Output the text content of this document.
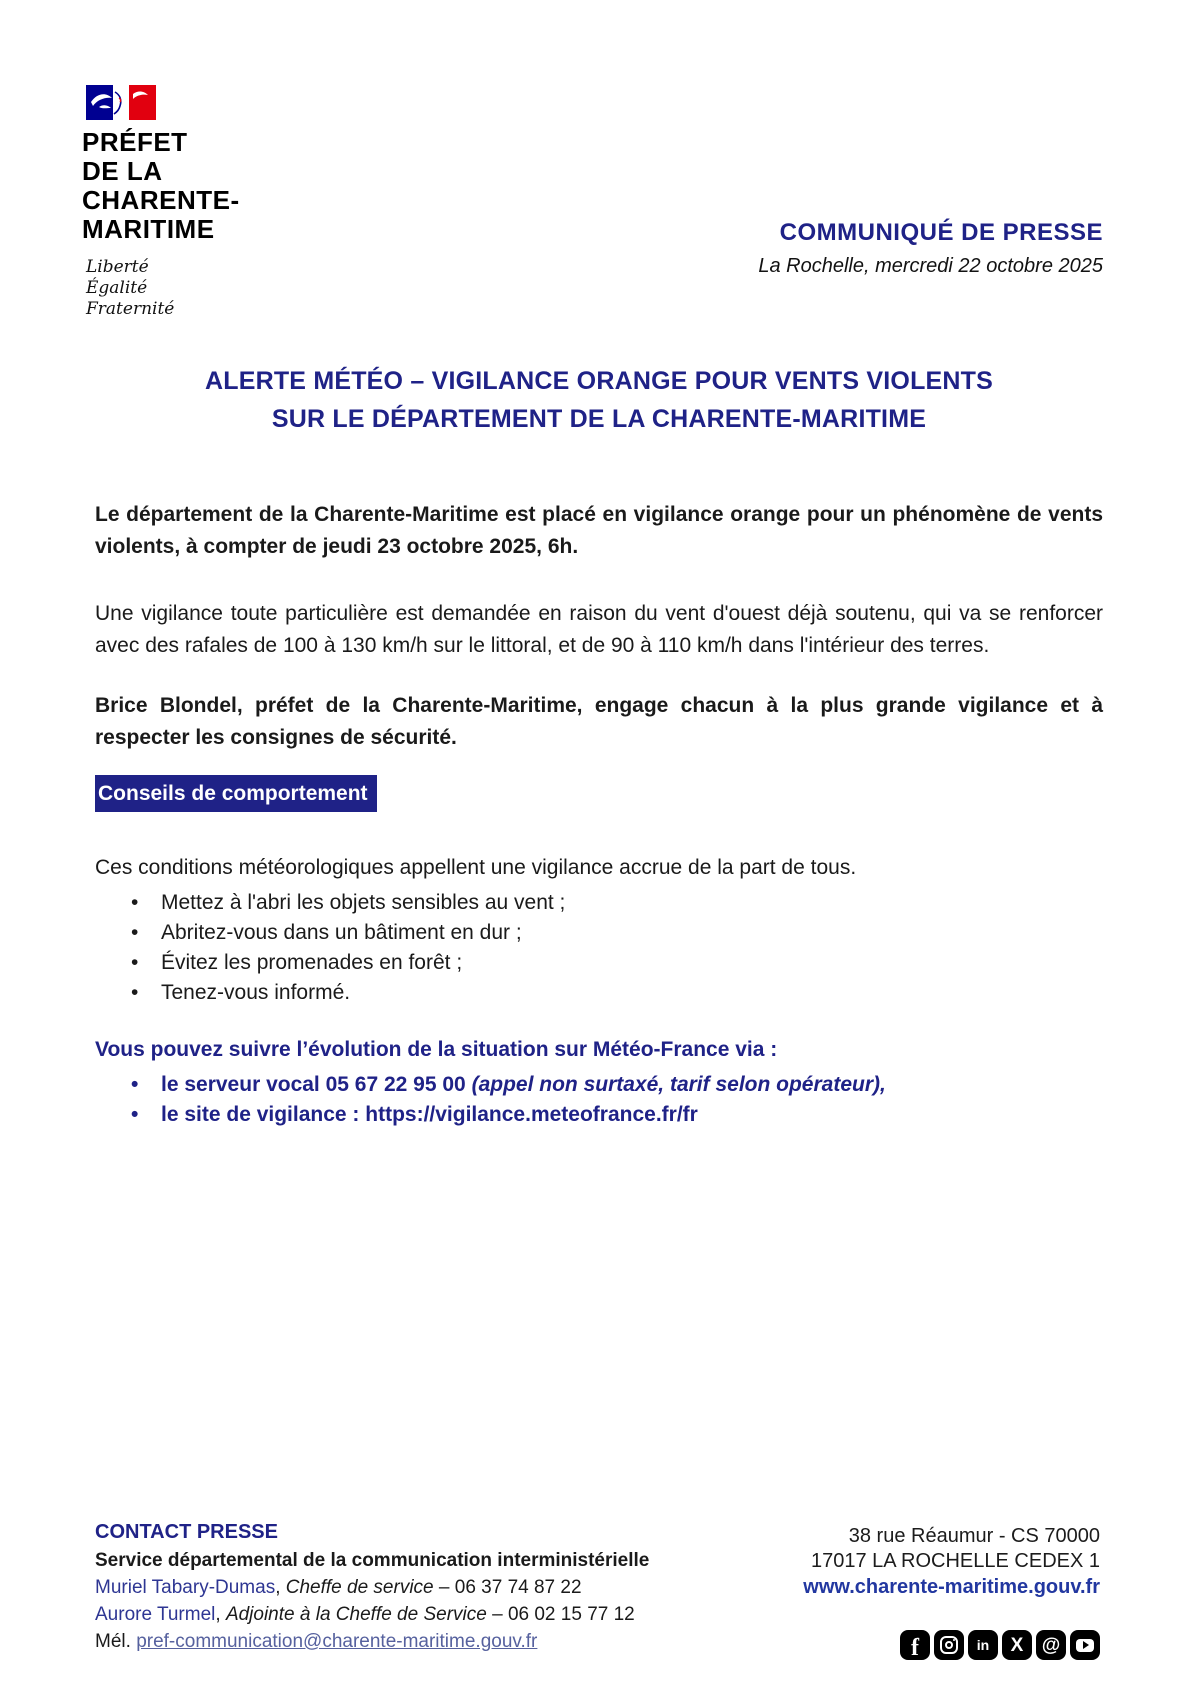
PRÉFET
DE LA
CHARENTE-
MARITIME
Liberté
Égalité
Fraternité
COMMUNIQUÉ DE PRESSE
La Rochelle, mercredi 22 octobre 2025
ALERTE MÉTÉO – VIGILANCE ORANGE POUR VENTS VIOLENTS
SUR LE DÉPARTEMENT DE LA CHARENTE-MARITIME

Le département de la Charente-Maritime est placé en vigilance orange pour un phénomène de vents violents, à compter de jeudi 23 octobre 2025, 6h.

Une vigilance toute particulière est demandée en raison du vent d'ouest déjà soutenu, qui va se renforcer avec des rafales de 100 à 130 km/h sur le littoral, et de 90 à 110 km/h dans l'intérieur des terres.

Brice Blondel, préfet de la Charente-Maritime, engage chacun à la plus grande vigilance et à respecter les consignes de sécurité.

Conseils de comportement

Ces conditions météorologiques appellent une vigilance accrue de la part de tous.

•	Mettez à l'abri les objets sensibles au vent ;
•	Abritez-vous dans un bâtiment en dur ;
•	Évitez les promenades en forêt ;
•	Tenez-vous informé.

Vous pouvez suivre l’évolution de la situation sur Météo-France via :

•	le serveur vocal 05 67 22 95 00 (appel non surtaxé, tarif selon opérateur),
•	le site de vigilance : https://vigilance.meteofrance.fr/fr
CONTACT PRESSE
Service départemental de la communication interministérielle
Muriel Tabary-Dumas, Cheffe de service – 06 37 74 87 22
Aurore Turmel, Adjointe à la Cheffe de Service – 06 02 15 77 12
Mél. pref-communication@charente-maritime.gouv.fr
38 rue Réaumur - CS 70000
17017 LA ROCHELLE CEDEX 1
www.charente-maritime.gouv.fr
f	in X @
